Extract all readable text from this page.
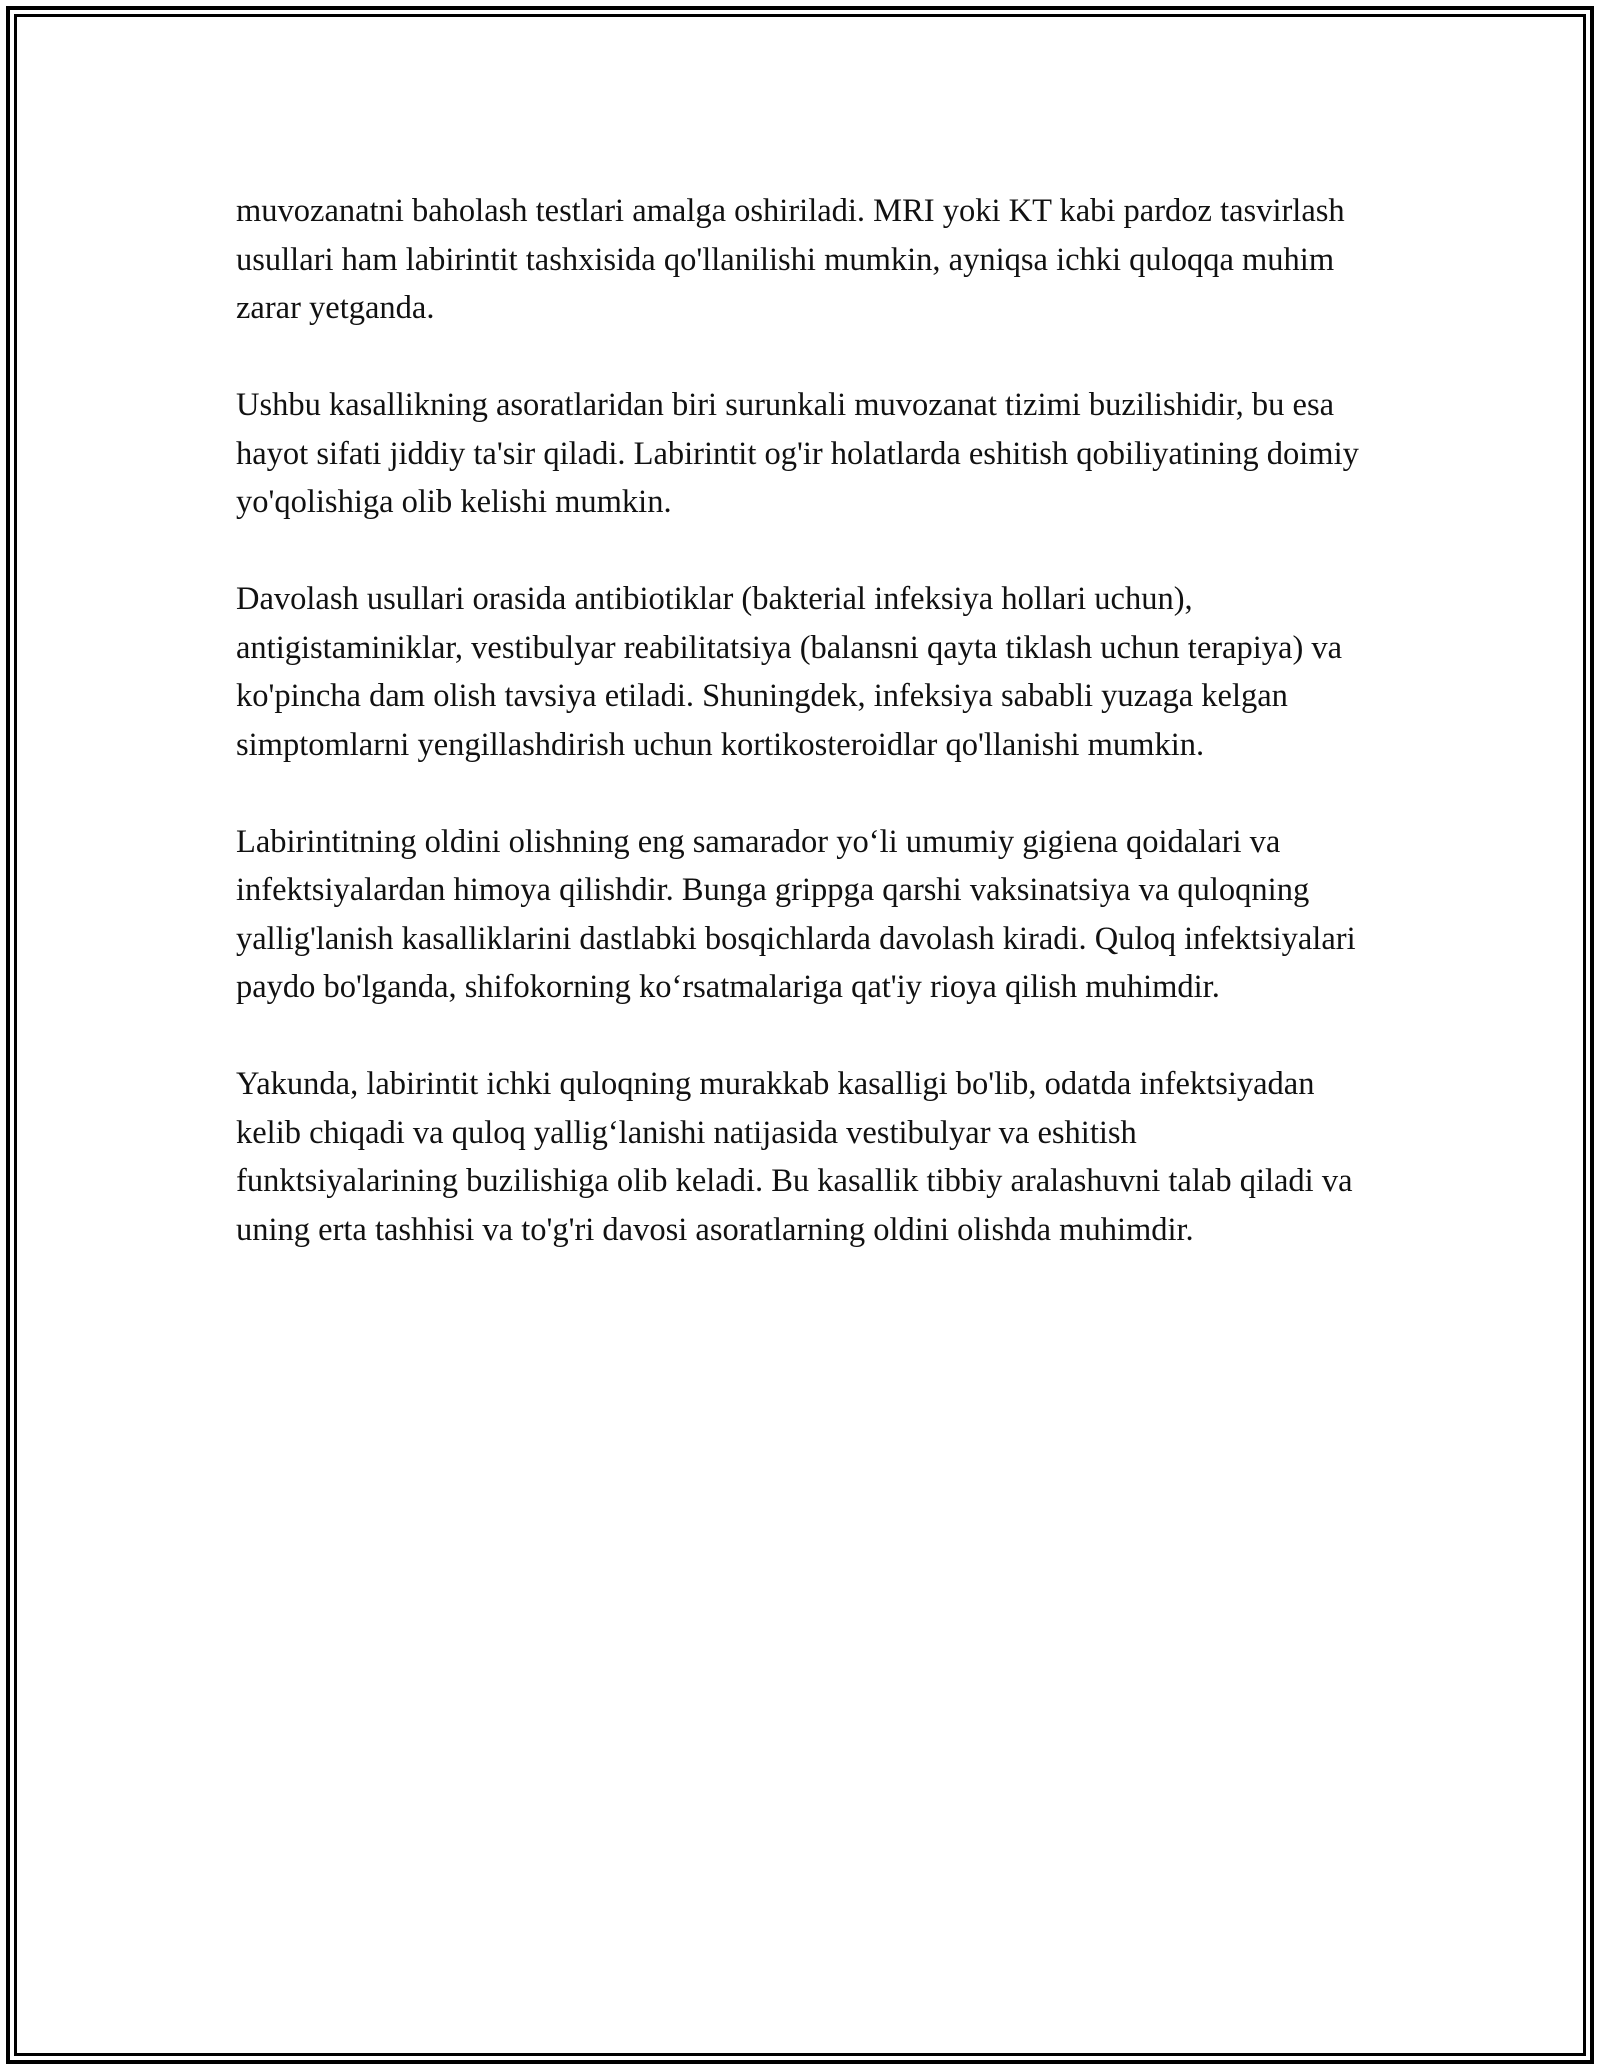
muvozanatni baholash testlari amalga oshiriladi. MRI yoki KT kabi pardoz tasvirlash usullari ham labirintit tashxisida qo'llanilishi mumkin, ayniqsa ichki quloqqa muhim zarar yetganda.

Ushbu kasallikning asoratlaridan biri surunkali muvozanat tizimi buzilishidir, bu esa hayot sifati jiddiy ta'sir qiladi. Labirintit og'ir holatlarda eshitish qobiliyatining doimiy yo'qolishiga olib kelishi mumkin.

Davolash usullari orasida antibiotiklar (bakterial infeksiya hollari uchun), antigistaminiklar, vestibulyar reabilitatsiya (balansni qayta tiklash uchun terapiya) va ko'pincha dam olish tavsiya etiladi. Shuningdek, infeksiya sababli yuzaga kelgan simptomlarni yengillashdirish uchun kortikosteroidlar qo'llanishi mumkin.

Labirintitning oldini olishning eng samarador yo‘li umumiy gigiena qoidalari va infektsiyalardan himoya qilishdir. Bunga grippga qarshi vaksinatsiya va quloqning yallig'lanish kasalliklarini dastlabki bosqichlarda davolash kiradi. Quloq infektsiyalari paydo bo'lganda, shifokorning ko‘rsatmalariga qat'iy rioya qilish muhimdir.

Yakunda, labirintit ichki quloqning murakkab kasalligi bo'lib, odatda infektsiyadan kelib chiqadi va quloq yallig‘lanishi natijasida vestibulyar va eshitish funktsiyalarining buzilishiga olib keladi. Bu kasallik tibbiy aralashuvni talab qiladi va uning erta tashhisi va to'g'ri davosi asoratlarning oldini olishda muhimdir.
